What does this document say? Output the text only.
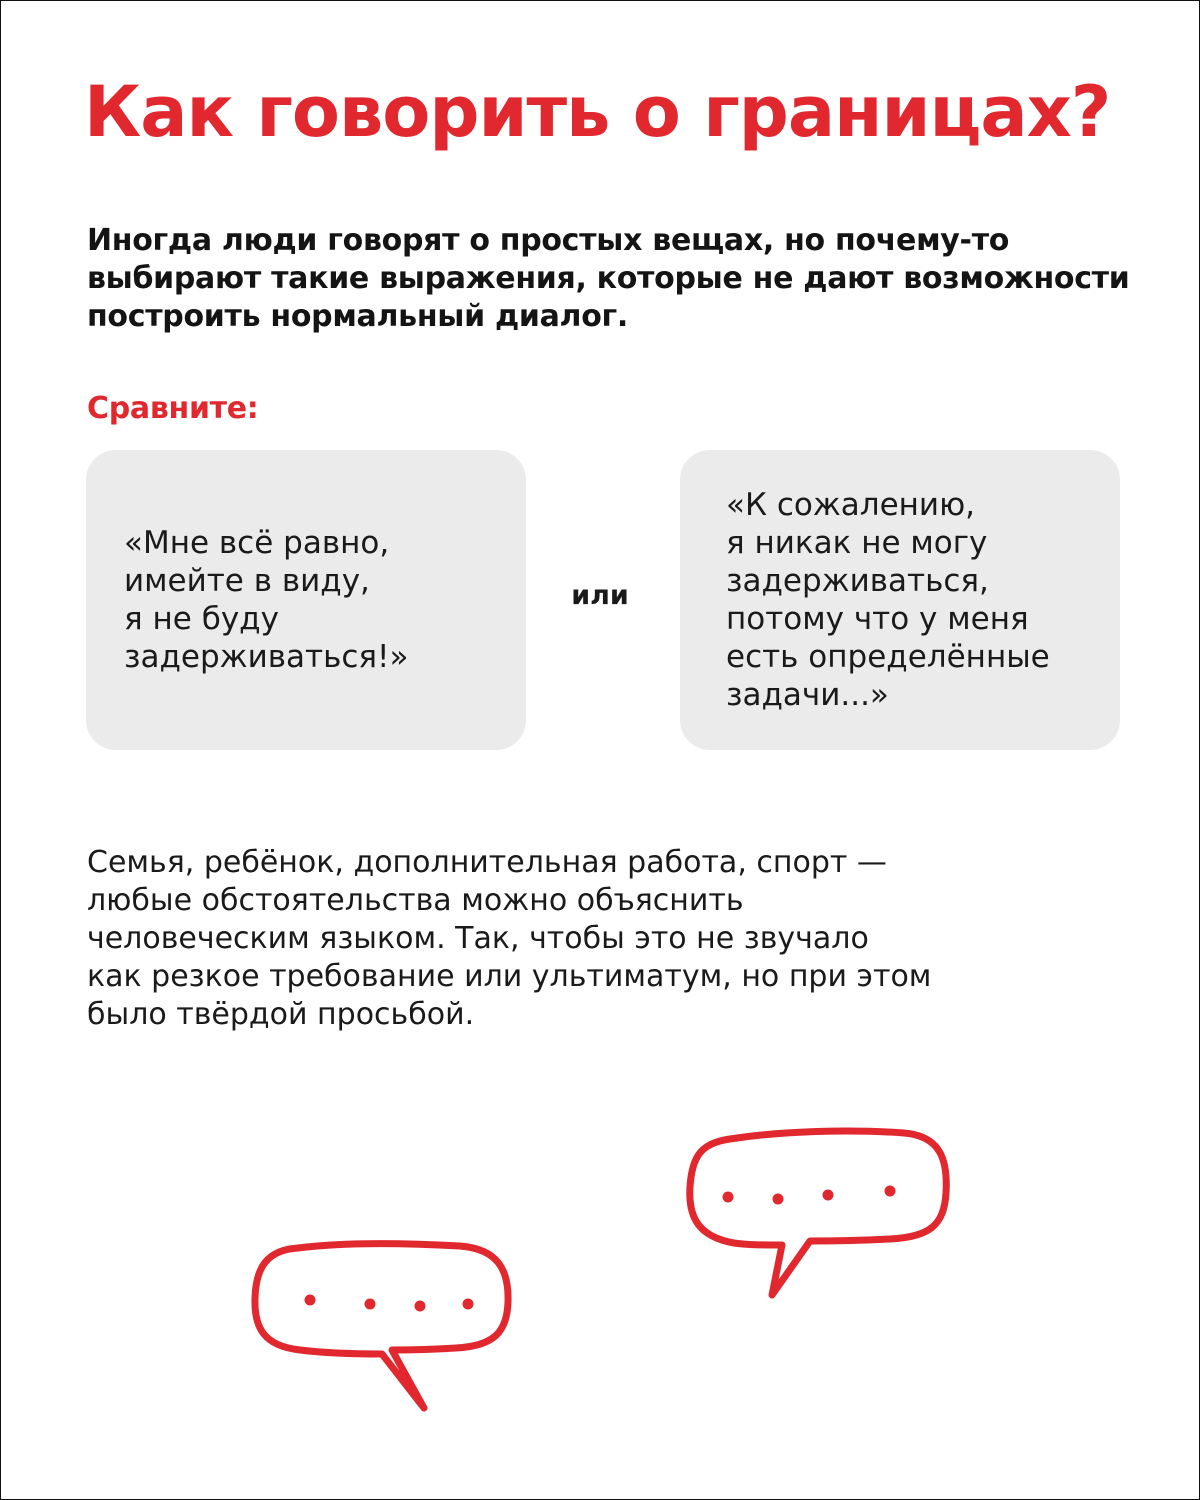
Как говорить о границах?

Иногда люди говорят о простых вещах, но почему-то выбирают такие выражения, которые не дают возможности построить нормальный диалог.

Сравните:

«Мне всё равно,
имейте в виду,
я не буду
задерживаться!»

или

«К сожалению,
я никак не могу
задерживаться,
потому что у меня
есть определённые
задачи...»

Семья, ребёнок, дополнительная работа, спорт —
любые обстоятельства можно объяснить
человеческим языком. Так, чтобы это не звучало
как резкое требование или ультиматум, но при этом
было твёрдой просьбой.
